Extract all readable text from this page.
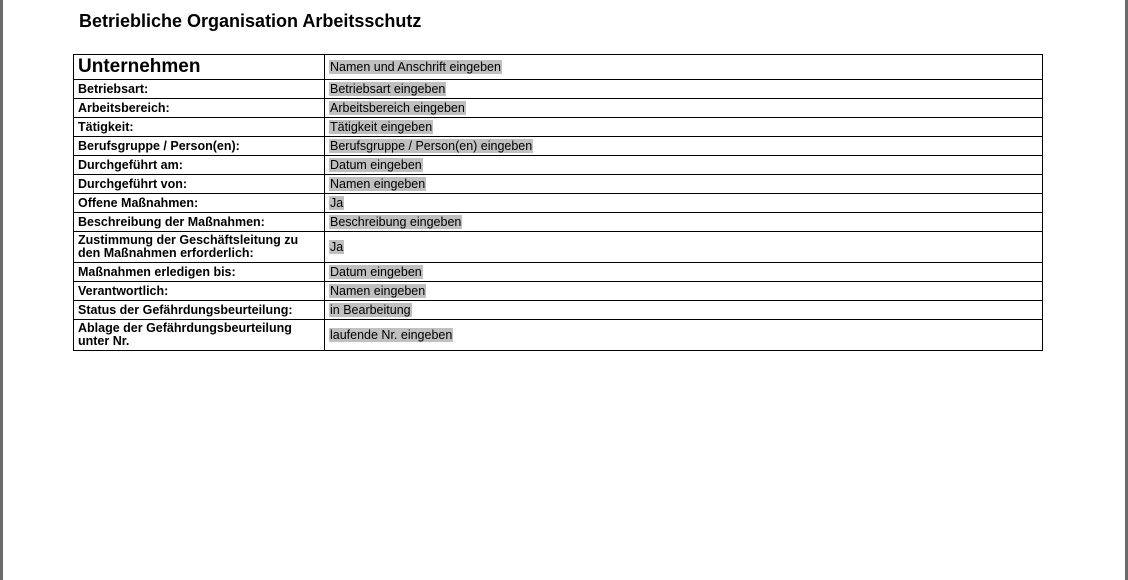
Betriebliche Organisation Arbeitsschutz
Unternehmen	Namen und Anschrift eingeben
Betriebsart:	Betriebsart eingeben
Arbeitsbereich:	Arbeitsbereich eingeben
Tätigkeit:	Tätigkeit eingeben
Berufsgruppe / Person(en):	Berufsgruppe / Person(en) eingeben
Durchgeführt am:	Datum eingeben
Durchgeführt von:	Namen eingeben
Offene Maßnahmen:	Ja
Beschreibung der Maßnahmen:	Beschreibung eingeben
Zustimmung der Geschäftsleitung zu den Maßnahmen erforderlich:	Ja
Maßnahmen erledigen bis:	Datum eingeben
Verantwortlich:	Namen eingeben
Status der Gefährdungsbeurteilung:	in Bearbeitung
Ablage der Gefährdungsbeurteilung unter Nr.	laufende Nr. eingeben
